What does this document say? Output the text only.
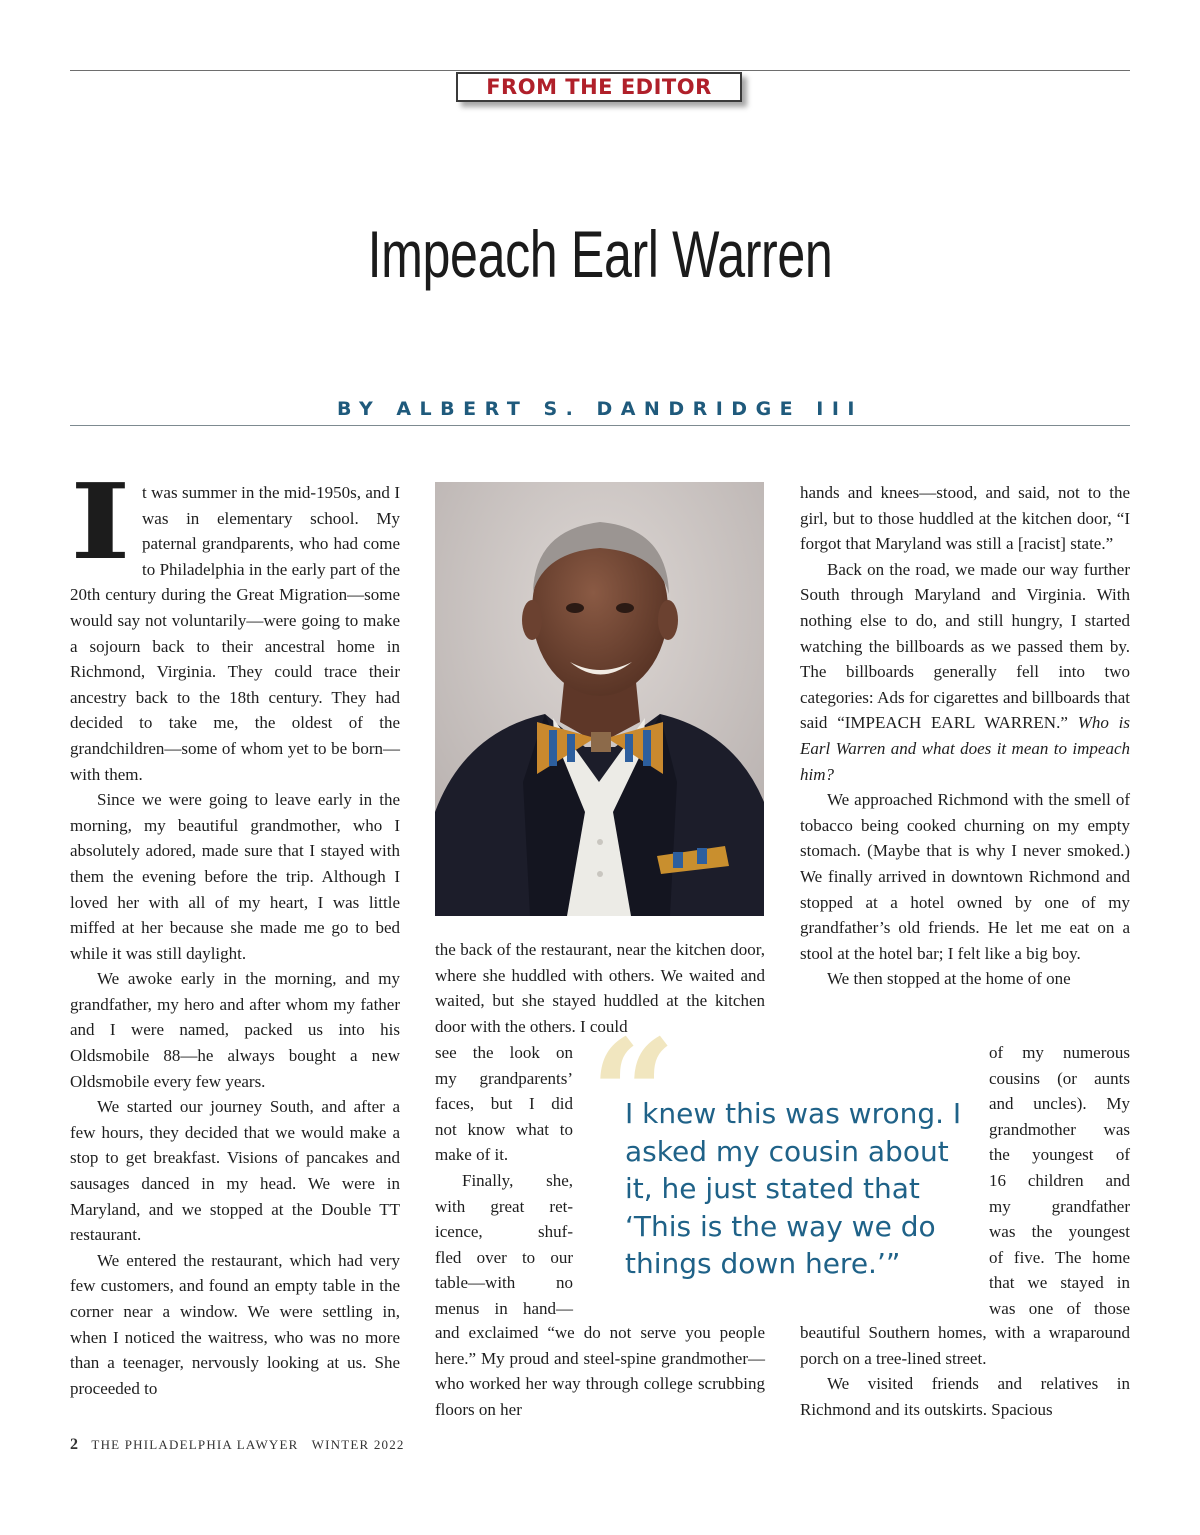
FROM THE EDITOR
Impeach Earl Warren
BY ALBERT S. DANDRIDGE III

It was summer in the mid-1950s, and I was in elementary school. My paternal grandparents, who had come to Philadelphia in the early part of the 20th century during the Great Migration—some would say not voluntarily—were going to make a sojourn back to their ancestral home in Richmond, Virginia. They could trace their ancestry back to the 18th century. They had decided to take me, the oldest of the grandchildren—some of whom yet to be born—with them.

Since we were going to leave early in the morning, my beautiful grandmother, who I absolutely adored, made sure that I stayed with them the evening before the trip. Although I loved her with all of my heart, I was little miffed at her because she made me go to bed while it was still daylight.

We awoke early in the morning, and my grandfather, my hero and after whom my father and I were named, packed us into his Oldsmobile 88—he always bought a new Oldsmobile every few years.

We started our journey South, and after a few hours, they decided that we would make a stop to get breakfast. Visions of pancakes and sausages danced in my head. We were in Maryland, and we stopped at the Double TT restaurant.

We entered the restaurant, which had very few customers, and found an empty table in the corner near a window. We were settling in, when I noticed the waitress, who was no more than a teenager, nervously looking at us. She proceeded to

the back of the restaurant, near the kitchen door, where she huddled with others. We waited and waited, but she stayed huddled at the kitchen door with the others. I could

see the look on
my grandparents’
faces, but I did
not know what to
make of it.
Finally, she,
with great ret-
icence, shuf-
fled over to our
table—with no
menus in hand—

and exclaimed “we do not serve you people here.” My proud and steel-spine grandmother—who worked her way through college scrubbing floors on her

“
I knew this was wrong. I asked my cousin about it, he just stated that ‘This is the way we do things down here.’”

hands and knees—stood, and said, not to the girl, but to those huddled at the kitchen door, “I forgot that Maryland was still a [racist] state.”

Back on the road, we made our way further South through Maryland and Virginia. With nothing else to do, and still hungry, I started watching the billboards as we passed them by. The billboards generally fell into two categories: Ads for cigarettes and billboards that said “IMPEACH EARL WARREN.” Who is Earl Warren and what does it mean to impeach him?

We approached Richmond with the smell of tobacco being cooked churning on my empty stomach. (Maybe that is why I never smoked.) We finally arrived in downtown Richmond and stopped at a hotel owned by one of my grandfather’s old friends. He let me eat on a stool at the hotel bar; I felt like a big boy.

We then stopped at the home of one

of my numerous
cousins (or aunts
and uncles). My
grandmother was
the youngest of
16 children and
my grandfather
was the youngest
of five. The home
that we stayed in
was one of those

beautiful Southern homes, with a wraparound porch on a tree-lined street.

We visited friends and relatives in Richmond and its outskirts. Spacious

2 THE PHILADELPHIA LAWYER WINTER 2022
